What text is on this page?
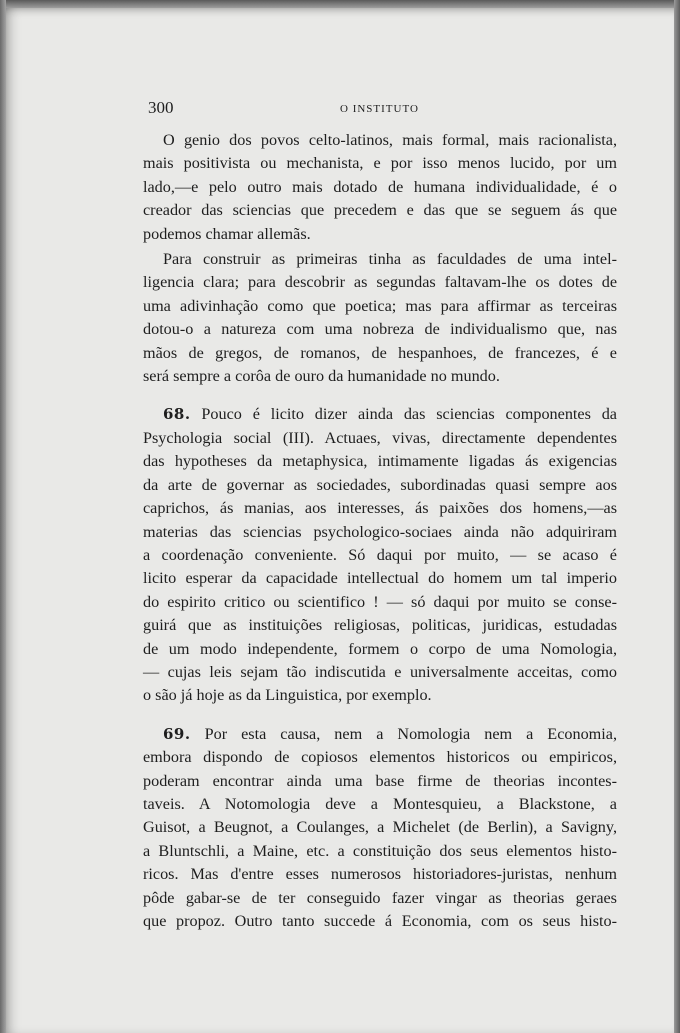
300	O INSTITUTO

O genio dos povos celto-latinos, mais formal, mais racionalista,
mais positivista ou mechanista, e por isso menos lucido, por um
lado,—e pelo outro mais dotado de humana individualidade, é o
creador das sciencias que precedem e das que se seguem ás que
podemos chamar allemãs.

Para construir as primeiras tinha as faculdades de uma intel-
ligencia clara; para descobrir as segundas faltavam-lhe os dotes de
uma adivinhação como que poetica; mas para affirmar as terceiras
dotou-o a natureza com uma nobreza de individualismo que, nas
mãos de gregos, de romanos, de hespanhoes, de francezes, é e
será sempre a corôa de ouro da humanidade no mundo.

68. Pouco é licito dizer ainda das sciencias componentes da
Psychologia social (III). Actuaes, vivas, directamente dependentes
das hypotheses da metaphysica, intimamente ligadas ás exigencias
da arte de governar as sociedades, subordinadas quasi sempre aos
caprichos, ás manias, aos interesses, ás paixões dos homens,—as
materias das sciencias psychologico-sociaes ainda não adquiriram
a coordenação conveniente. Só daqui por muito, — se acaso é
licito esperar da capacidade intellectual do homem um tal imperio
do espirito critico ou scientifico ! — só daqui por muito se conse-
guirá que as instituições religiosas, politicas, juridicas, estudadas
de um modo independente, formem o corpo de uma Nomologia,
— cujas leis sejam tão indiscutida e universalmente acceitas, como
o são já hoje as da Linguistica, por exemplo.

69. Por esta causa, nem a Nomologia nem a Economia,
embora dispondo de copiosos elementos historicos ou empiricos,
poderam encontrar ainda uma base firme de theorias incontes-
taveis. A Notomologia deve a Montesquieu, a Blackstone, a
Guisot, a Beugnot, a Coulanges, a Michelet (de Berlin), a Savigny,
a Bluntschli, a Maine, etc. a constituição dos seus elementos histo-
ricos. Mas d'entre esses numerosos historiadores-juristas, nenhum
pôde gabar-se de ter conseguido fazer vingar as theorias geraes
que propoz. Outro tanto succede á Economia, com os seus histo-
